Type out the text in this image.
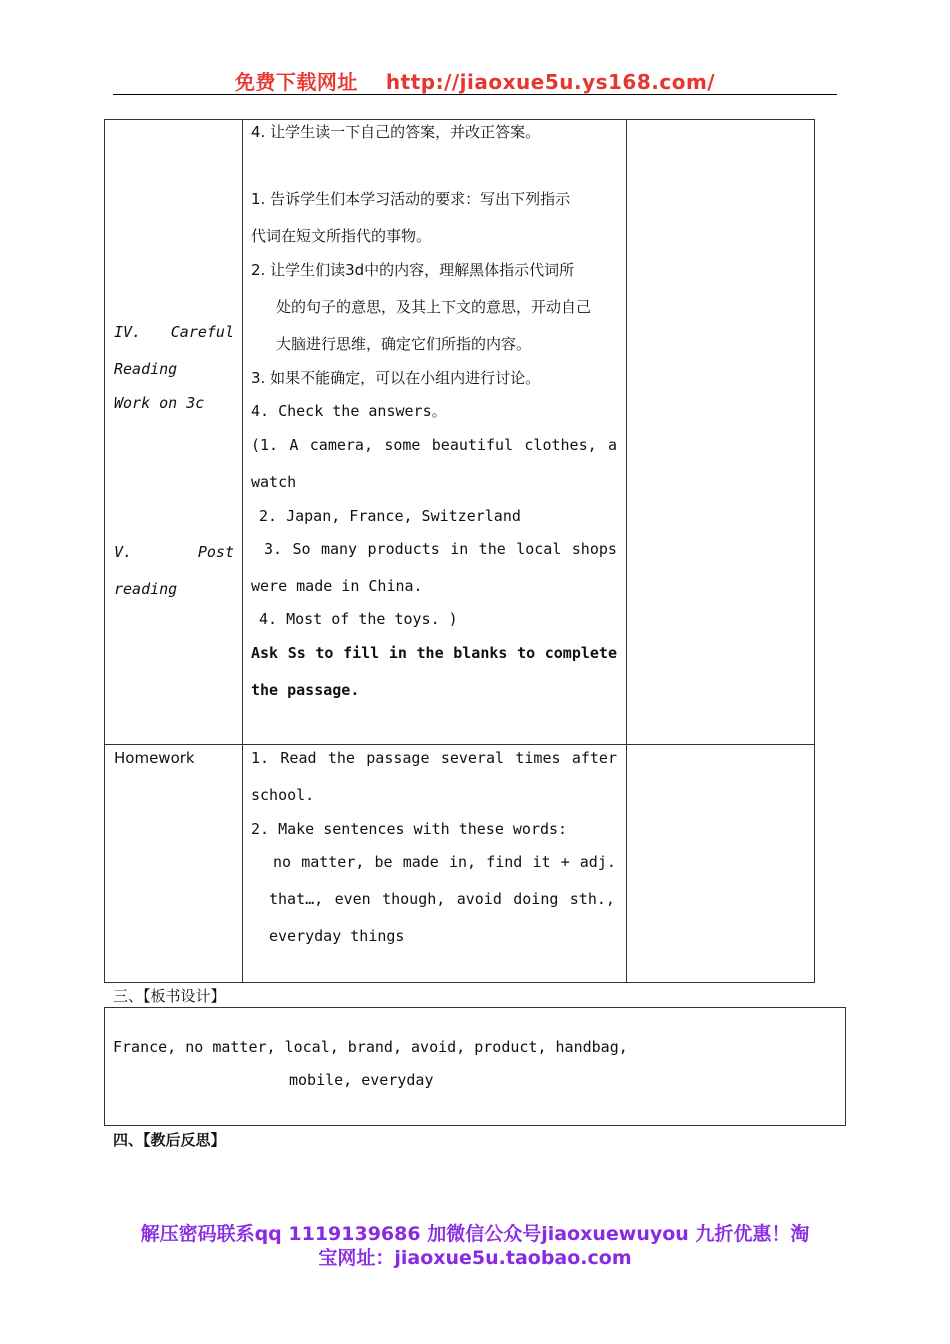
免费下载网址 http://jiaoxue5u.ys168.com/
IV. Careful
Reading
Work on 3c
V.	Post
reading
Homework
4. 让学生读一下自己的答案，并改正答案。
1. 告诉学生们本学习活动的要求：写出下列指示
代词在短文所指代的事物。
2. 让学生们读3d中的内容，理解黑体指示代词所
处的句子的意思，及其上下文的意思，开动自己
大脑进行思维，确定它们所指的内容。
3. 如果不能确定，可以在小组内进行讨论。
4. Check the answers。
(1. A camera, some beautiful clothes, a
watch
2. Japan, France, Switzerland
3. So many products in the local shops
were made in China.
4. Most of the toys. )
Ask Ss to fill in the blanks to complete
the passage.
1. Read the passage several times after
school.
2. Make sentences with these words:
no matter, be made in, find it + adj.
that…, even though, avoid doing sth.,
everyday things
三、【板书设计】
France, no matter, local, brand, avoid, product, handbag,
mobile, everyday
四、【教后反思】
解压密码联系qq 1119139686 加微信公众号jiaoxuewuyou 九折优惠！淘
宝网址：jiaoxue5u.taobao.com
